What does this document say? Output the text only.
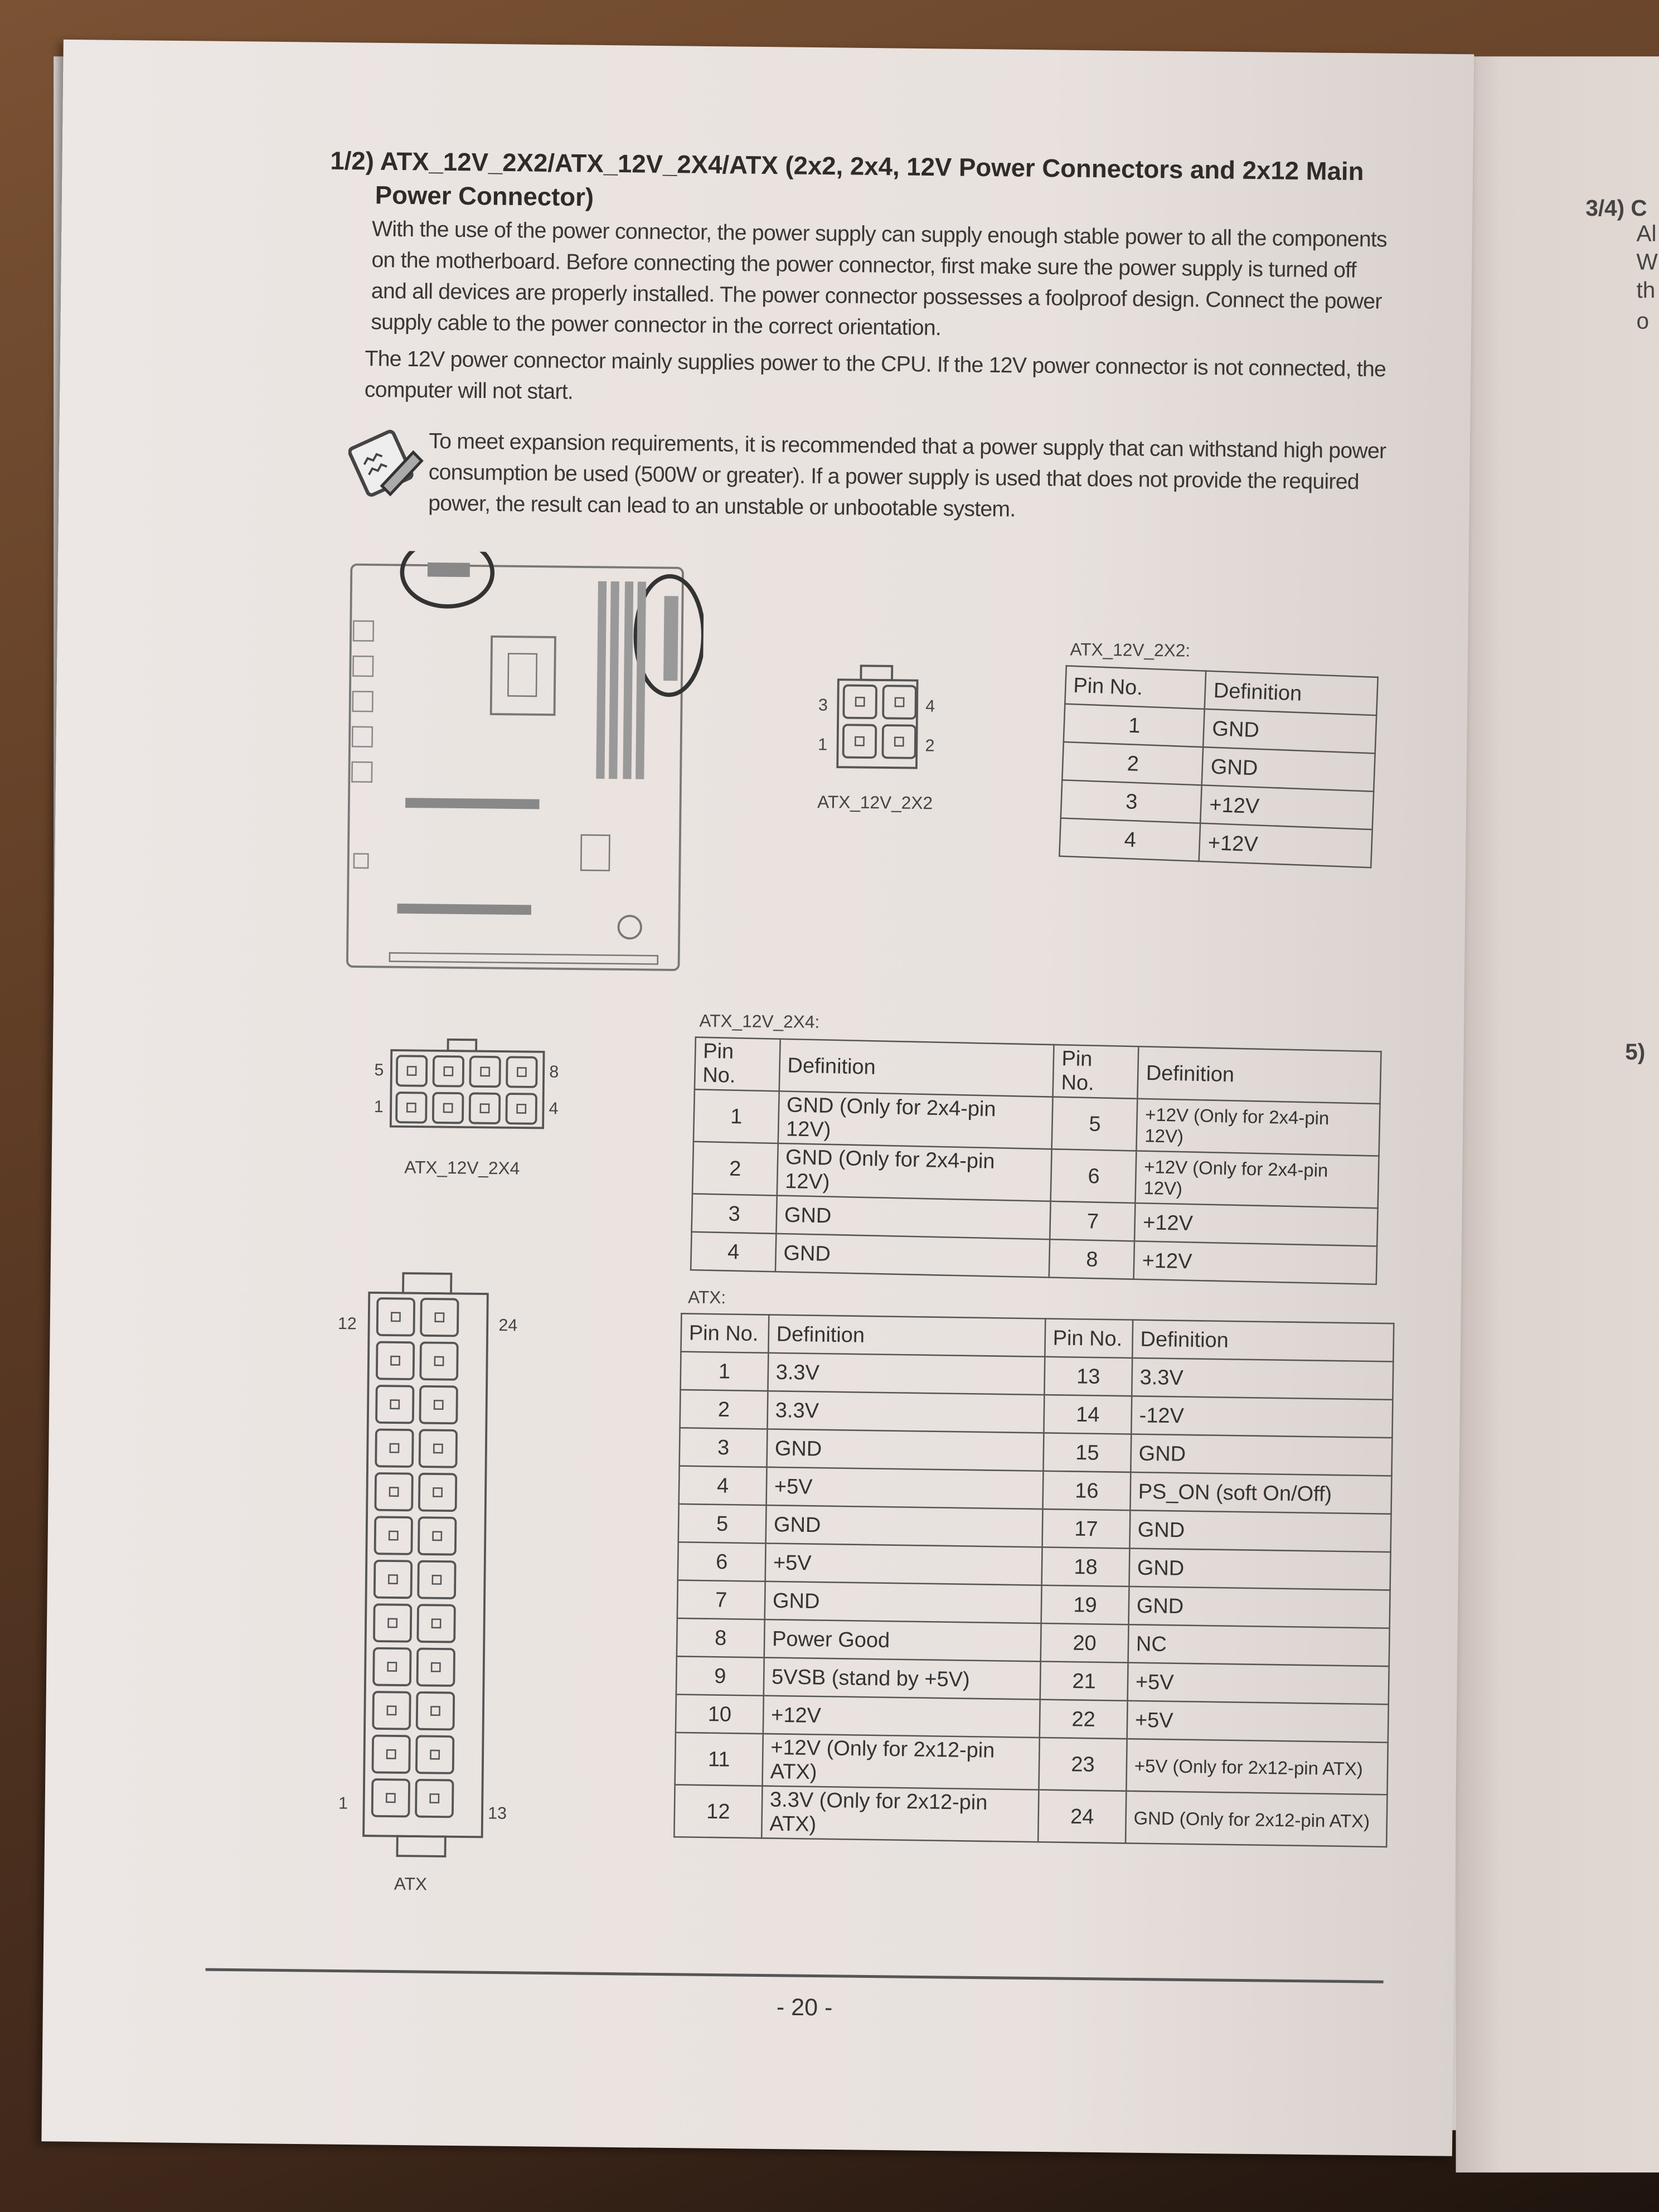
3/4) C
Al
W
th
o
5)
1/2) ATX_12V_2X2/ATX_12V_2X4/ATX (2x2, 2x4, 12V Power Connectors and 2x12 Main
Power Connector)
With the use of the power connector, the power supply can supply enough stable power to all the components on the motherboard. Before connecting the power connector, first make sure the power supply is turned off and all devices are properly installed. The power connector possesses a foolproof design. Connect the power supply cable to the power connector in the correct orientation.
The 12V power connector mainly supplies power to the CPU. If the 12V power connector is not connected, the computer will not start.
To meet expansion requirements, it is recommended that a power supply that can withstand high power consumption be used (500W or greater). If a power supply is used that does not provide the required power, the result can lead to an unstable or unbootable system.
3	4
1	2
ATX_12V_2X2
ATX_12V_2X2:
Pin No.	Definition
1	GND
2	GND
3	+12V
4	+12V
5	8
1	4
ATX_12V_2X4
ATX_12V_2X4:
Pin No.	Definition	Pin No.	Definition
1	GND (Only for 2x4-pin 12V)	5	+12V (Only for 2x4-pin 12V)
2	GND (Only for 2x4-pin 12V)	6	+12V (Only for 2x4-pin 12V)
3	GND	7	+12V
4	GND	8	+12V
12	24
1
13
ATX
ATX:
Pin No.	Definition	Pin No.	Definition
1	3.3V	13	3.3V
2	3.3V	14	-12V
3	GND	15	GND
4	+5V	16	PS_ON (soft On/Off)
5	GND	17	GND
6	+5V	18	GND
7	GND	19	GND
8	Power Good	20	NC
9	5VSB (stand by +5V)	21	+5V
10	+12V	22	+5V
11	+12V (Only for 2x12-pin ATX)	23	+5V (Only for 2x12-pin ATX)
12	3.3V (Only for 2x12-pin ATX)	24	GND (Only for 2x12-pin ATX)
- 20 -
